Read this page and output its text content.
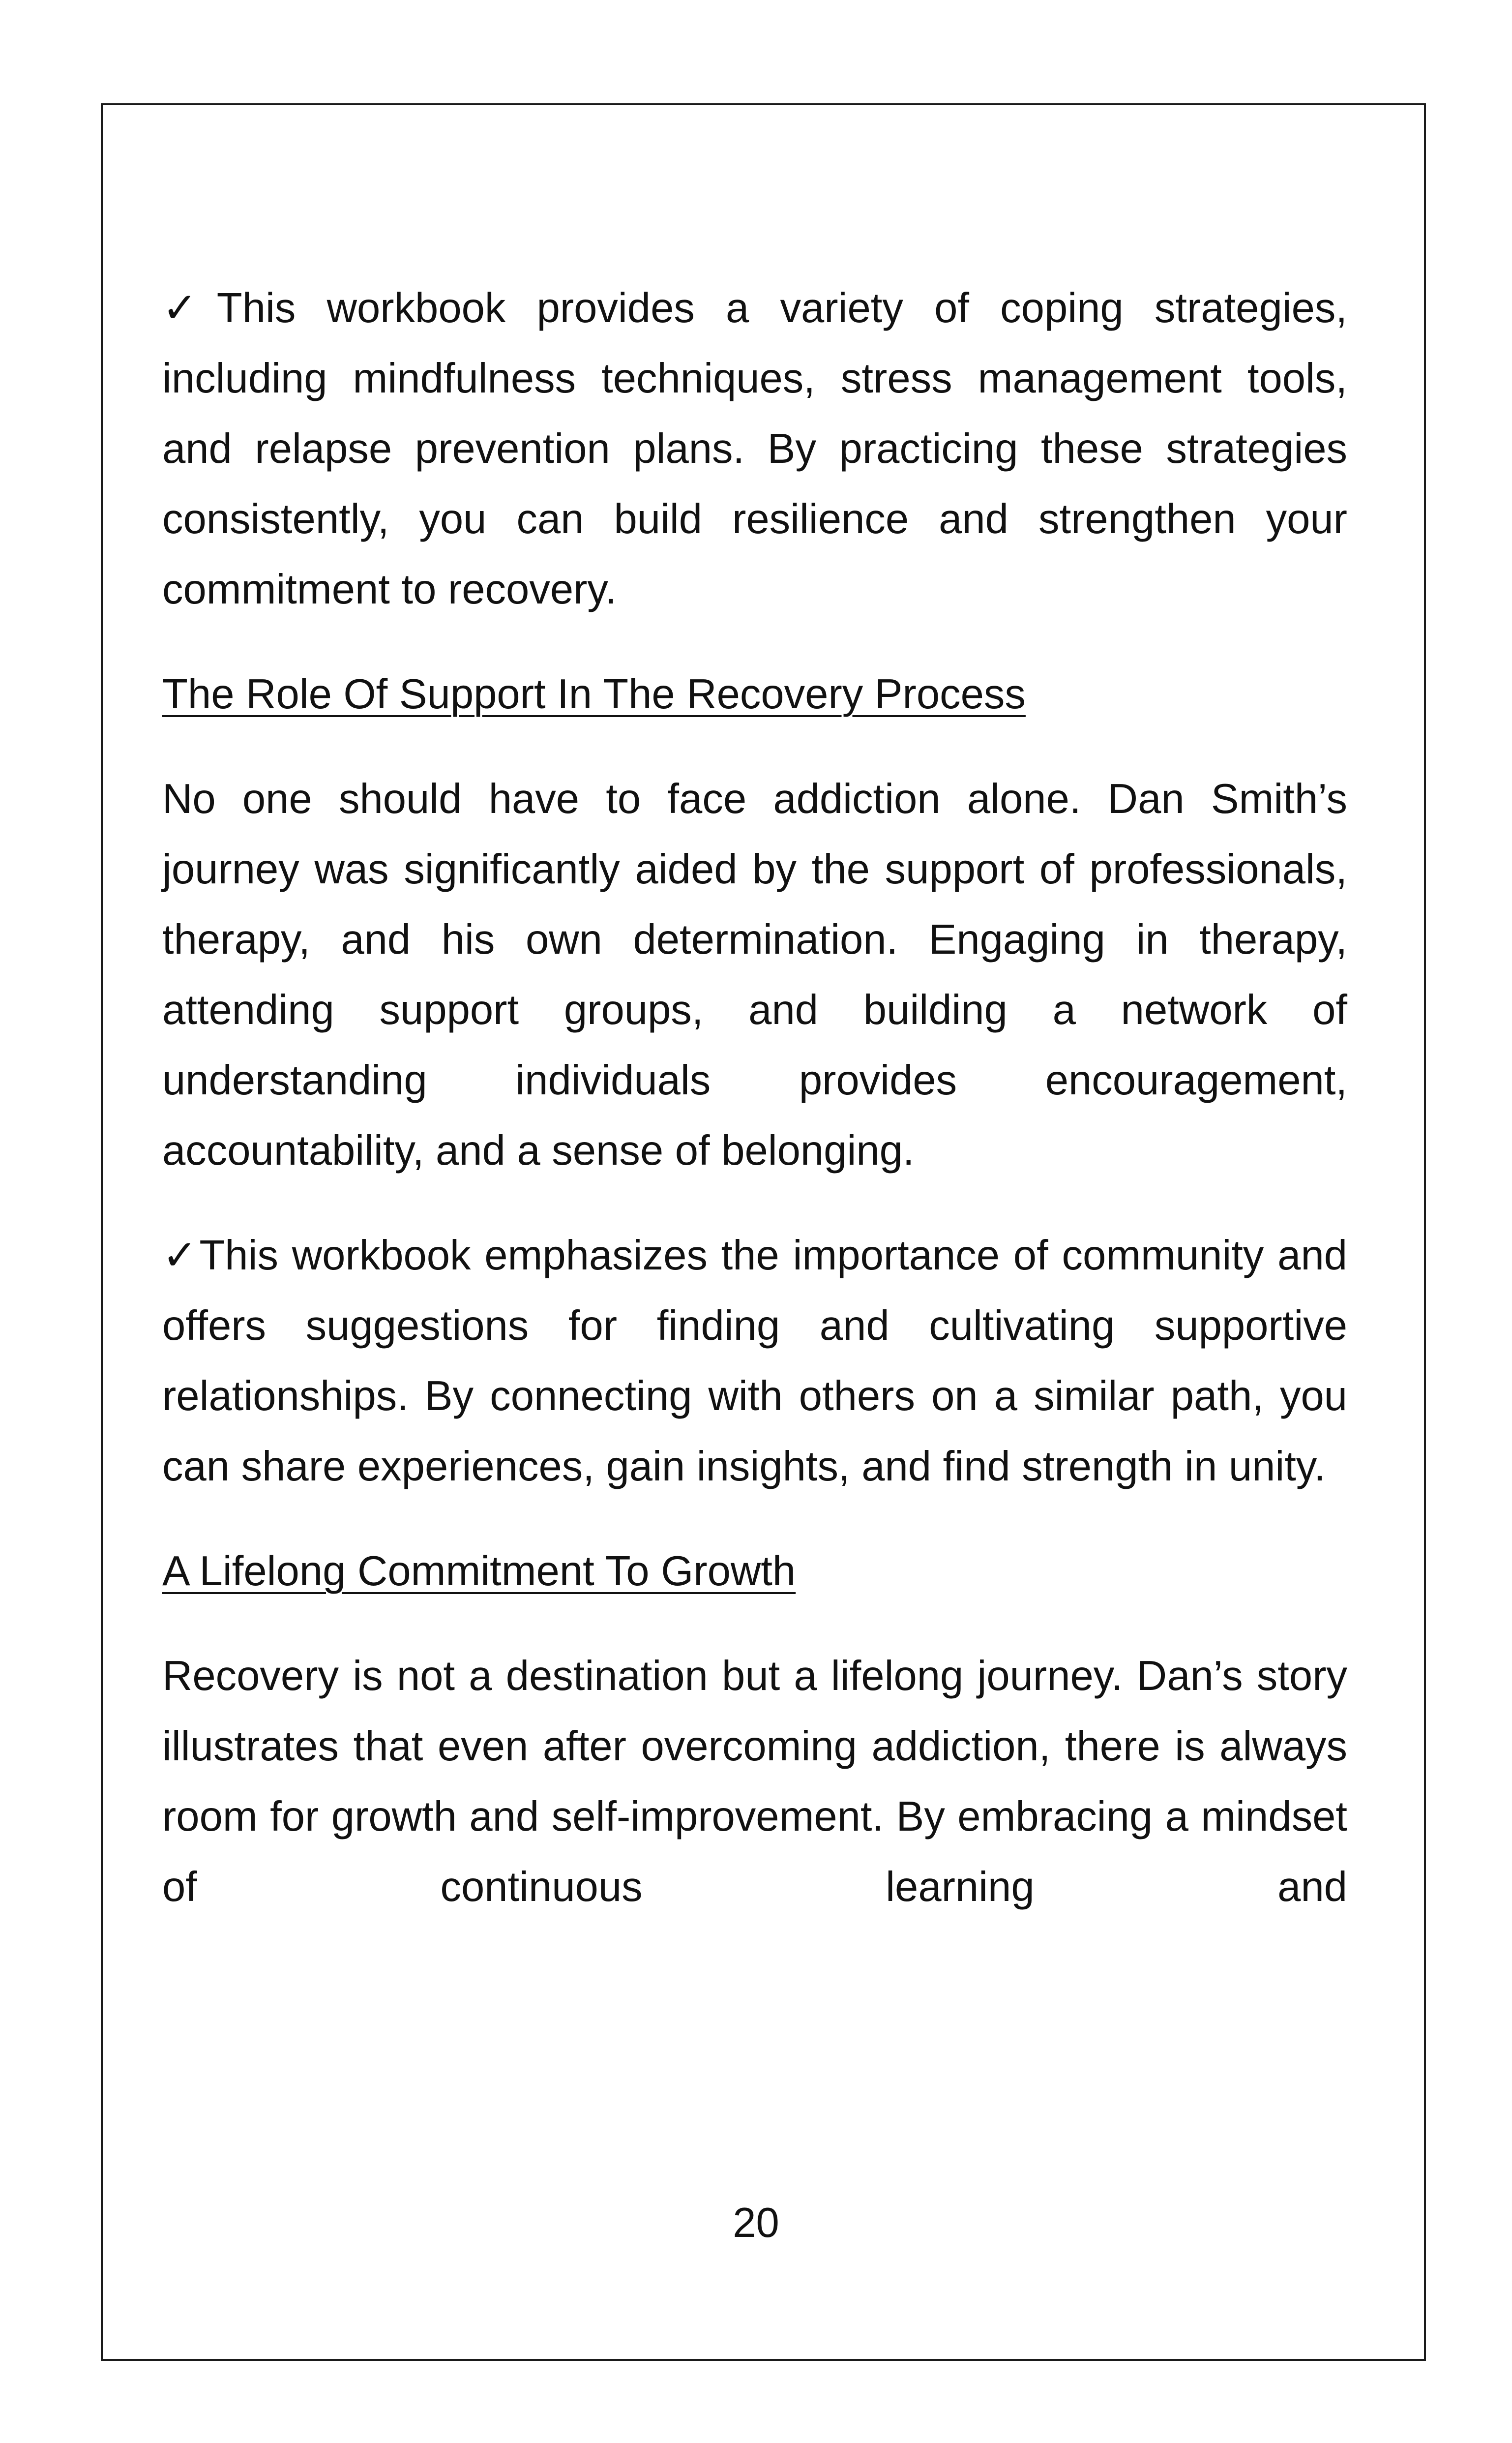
✓This workbook provides a variety of coping strategies, including mindfulness techniques, stress management tools, and relapse prevention plans. By practicing these strategies consistently, you can build resilience and strengthen your commitment to recovery.

The Role Of Support In The Recovery Process

No one should have to face addiction alone. Dan Smith’s journey was significantly aided by the support of professionals, therapy, and his own determination. Engaging in therapy, attending support groups, and building a network of understanding individuals provides encouragement, accountability, and a sense of belonging.

✓This workbook emphasizes the importance of community and offers suggestions for finding and cultivating supportive relationships. By connecting with others on a similar path, you can share experiences, gain insights, and find strength in unity.

A Lifelong Commitment To Growth

Recovery is not a destination but a lifelong journey. Dan’s story illustrates that even after overcoming addiction, there is always room for growth and self-improvement. By embracing a mindset of continuous learning and

20
